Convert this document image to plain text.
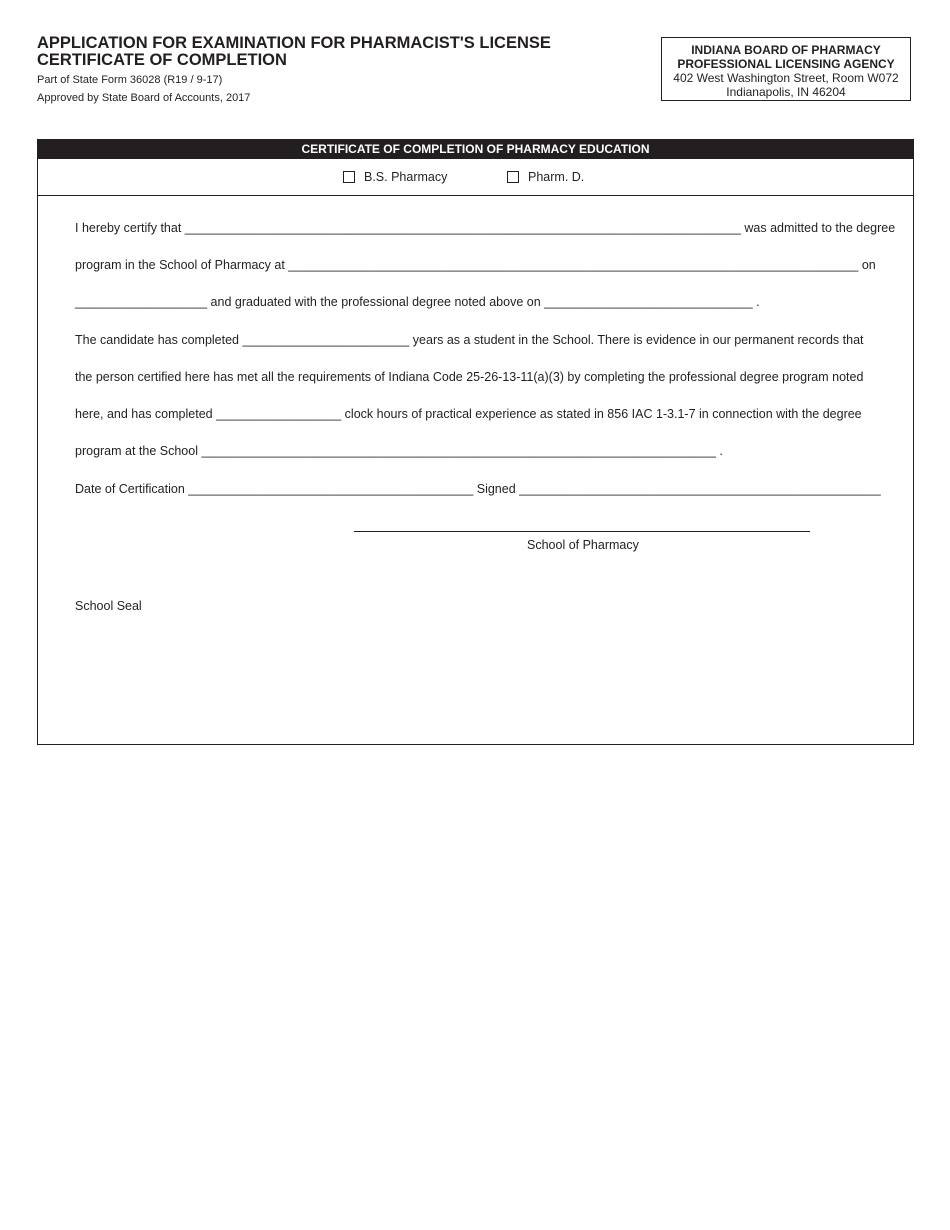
APPLICATION FOR EXAMINATION FOR PHARMACIST'S LICENSE
CERTIFICATE OF COMPLETION
Part of State Form 36028 (R19 / 9-17)
Approved by State Board of Accounts, 2017
INDIANA BOARD OF PHARMACY
PROFESSIONAL LICENSING AGENCY
402 West Washington Street, Room W072
Indianapolis, IN 46204
CERTIFICATE OF COMPLETION OF PHARMACY EDUCATION
B.S. Pharmacy	Pharm. D.
I hereby certify that ________________________________________________________________________________ was admitted to the degree
program in the School of Pharmacy at __________________________________________________________________________________ on
___________________ and graduated with the professional degree noted above on ______________________________ .
The candidate has completed ________________________ years as a student in the School. There is evidence in our permanent records that
the person certified here has met all the requirements of Indiana Code 25-26-13-11(a)(3) by completing the professional degree program noted
here, and has completed __________________ clock hours of practical experience as stated in 856 IAC 1-3.1-7 in connection with the degree
program at the School __________________________________________________________________________ .
Date of Certification _________________________________________ Signed ____________________________________________________
School of Pharmacy
School Seal
